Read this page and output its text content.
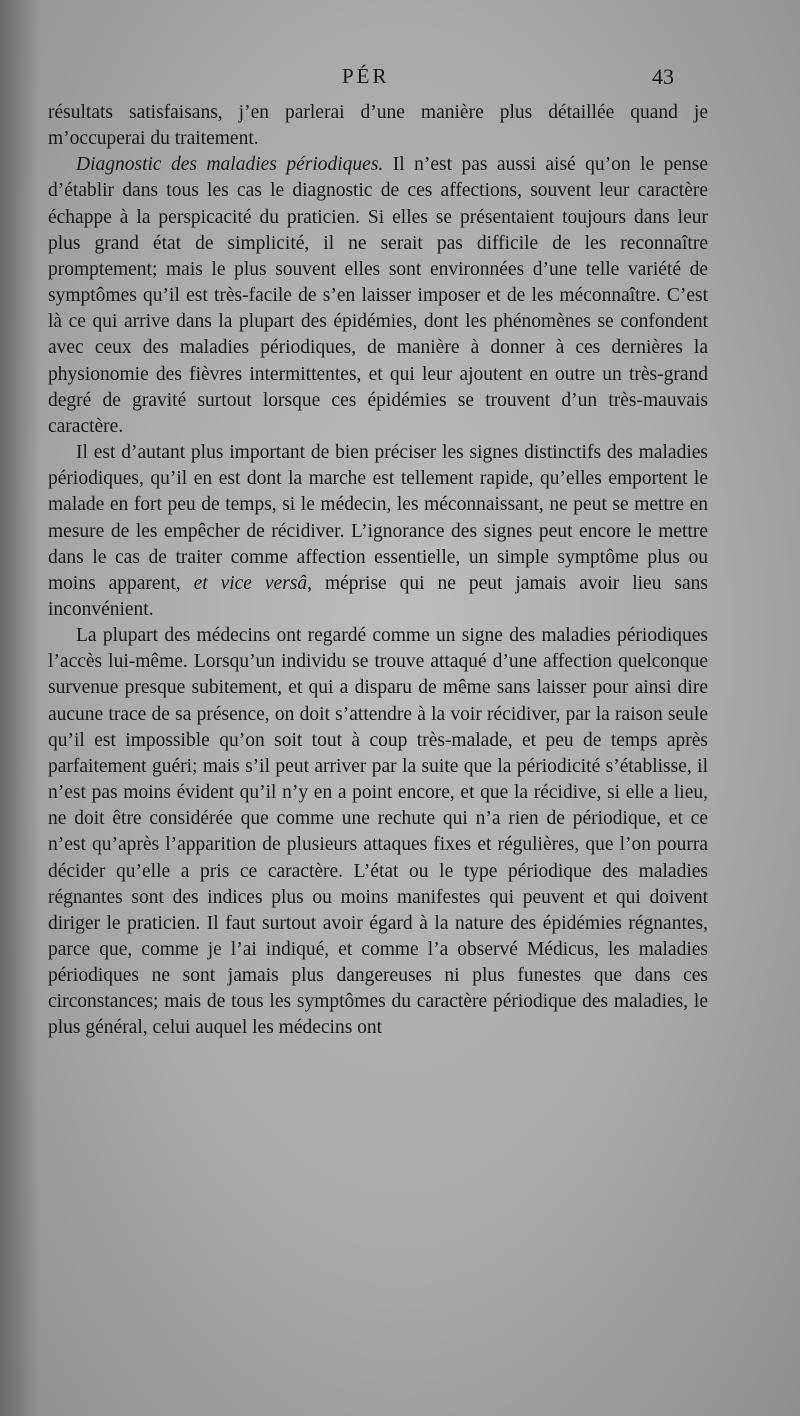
PÉR	43

résultats satisfaisans, j’en parlerai d’une manière plus détaillée quand je m’occuperai du traitement.

Diagnostic des maladies périodiques. Il n’est pas aussi aisé qu’on le pense d’établir dans tous les cas le diagnostic de ces affections, souvent leur caractère échappe à la perspicacité du praticien. Si elles se présentaient toujours dans leur plus grand état de simplicité, il ne serait pas difficile de les reconnaître promptement; mais le plus souvent elles sont environnées d’une telle variété de symptômes qu’il est très-facile de s’en laisser imposer et de les méconnaître. C’est là ce qui arrive dans la plupart des épidémies, dont les phénomènes se confondent avec ceux des maladies périodiques, de manière à donner à ces dernières la physionomie des fièvres intermittentes, et qui leur ajoutent en outre un très-grand degré de gravité surtout lorsque ces épidémies se trouvent d’un très-mauvais caractère.

Il est d’autant plus important de bien préciser les signes distinctifs des maladies périodiques, qu’il en est dont la marche est tellement rapide, qu’elles emportent le malade en fort peu de temps, si le médecin, les méconnaissant, ne peut se mettre en mesure de les empêcher de récidiver. L’ignorance des signes peut encore le mettre dans le cas de traiter comme affection essentielle, un simple symptôme plus ou moins apparent, et vice versâ, méprise qui ne peut jamais avoir lieu sans inconvénient.

La plupart des médecins ont regardé comme un signe des maladies périodiques l’accès lui-même. Lorsqu’un individu se trouve attaqué d’une affection quelconque survenue presque subitement, et qui a disparu de même sans laisser pour ainsi dire aucune trace de sa présence, on doit s’attendre à la voir récidiver, par la raison seule qu’il est impossible qu’on soit tout à coup très-malade, et peu de temps après parfaitement guéri; mais s’il peut arriver par la suite que la périodicité s’établisse, il n’est pas moins évident qu’il n’y en a point encore, et que la récidive, si elle a lieu, ne doit être considérée que comme une rechute qui n’a rien de périodique, et ce n’est qu’après l’apparition de plusieurs attaques fixes et régulières, que l’on pourra décider qu’elle a pris ce caractère. L’état ou le type périodique des maladies régnantes sont des indices plus ou moins manifestes qui peuvent et qui doivent diriger le praticien. Il faut surtout avoir égard à la nature des épidémies régnantes, parce que, comme je l’ai indiqué, et comme l’a observé Médicus, les maladies périodiques ne sont jamais plus dangereuses ni plus funestes que dans ces circonstances; mais de tous les symptômes du caractère périodique des maladies, le plus général, celui auquel les médecins ont
